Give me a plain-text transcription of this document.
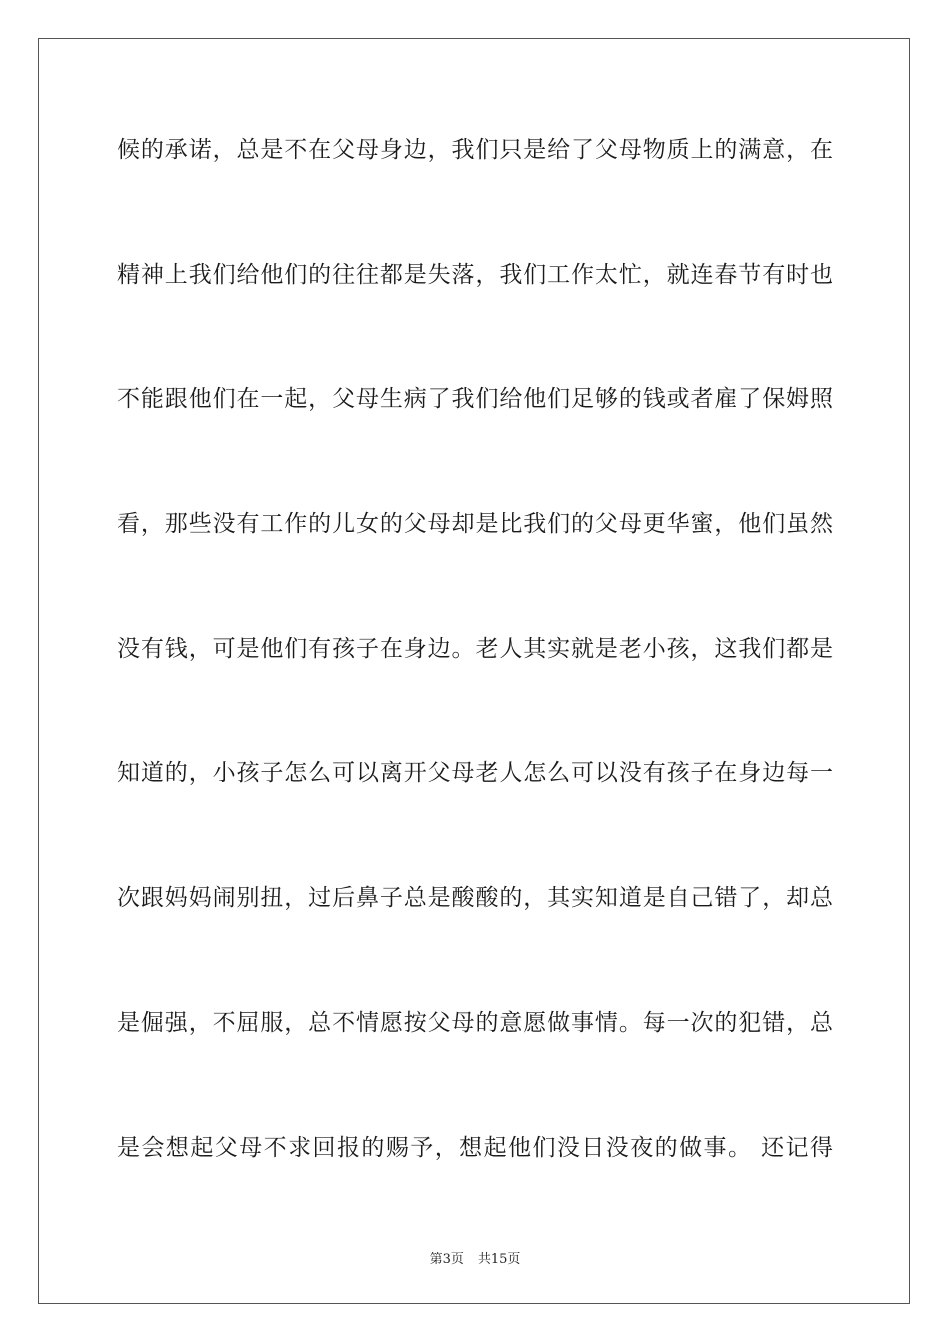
候的承诺，总是不在父母身边，我们只是给了父母物质上的满意，在
精神上我们给他们的往往都是失落，我们工作太忙，就连春节有时也
不能跟他们在一起，父母生病了我们给他们足够的钱或者雇了保姆照
看，那些没有工作的儿女的父母却是比我们的父母更华蜜，他们虽然
没有钱，可是他们有孩子在身边。老人其实就是老小孩，这我们都是
知道的，小孩子怎么可以离开父母老人怎么可以没有孩子在身边每一
次跟妈妈闹别扭，过后鼻子总是酸酸的，其实知道是自己错了，却总
是倔强，不屈服，总不情愿按父母的意愿做事情。每一次的犯错，总
是会想起父母不求回报的赐予，想起他们没日没夜的做事。 还记得
第3页 共15页
